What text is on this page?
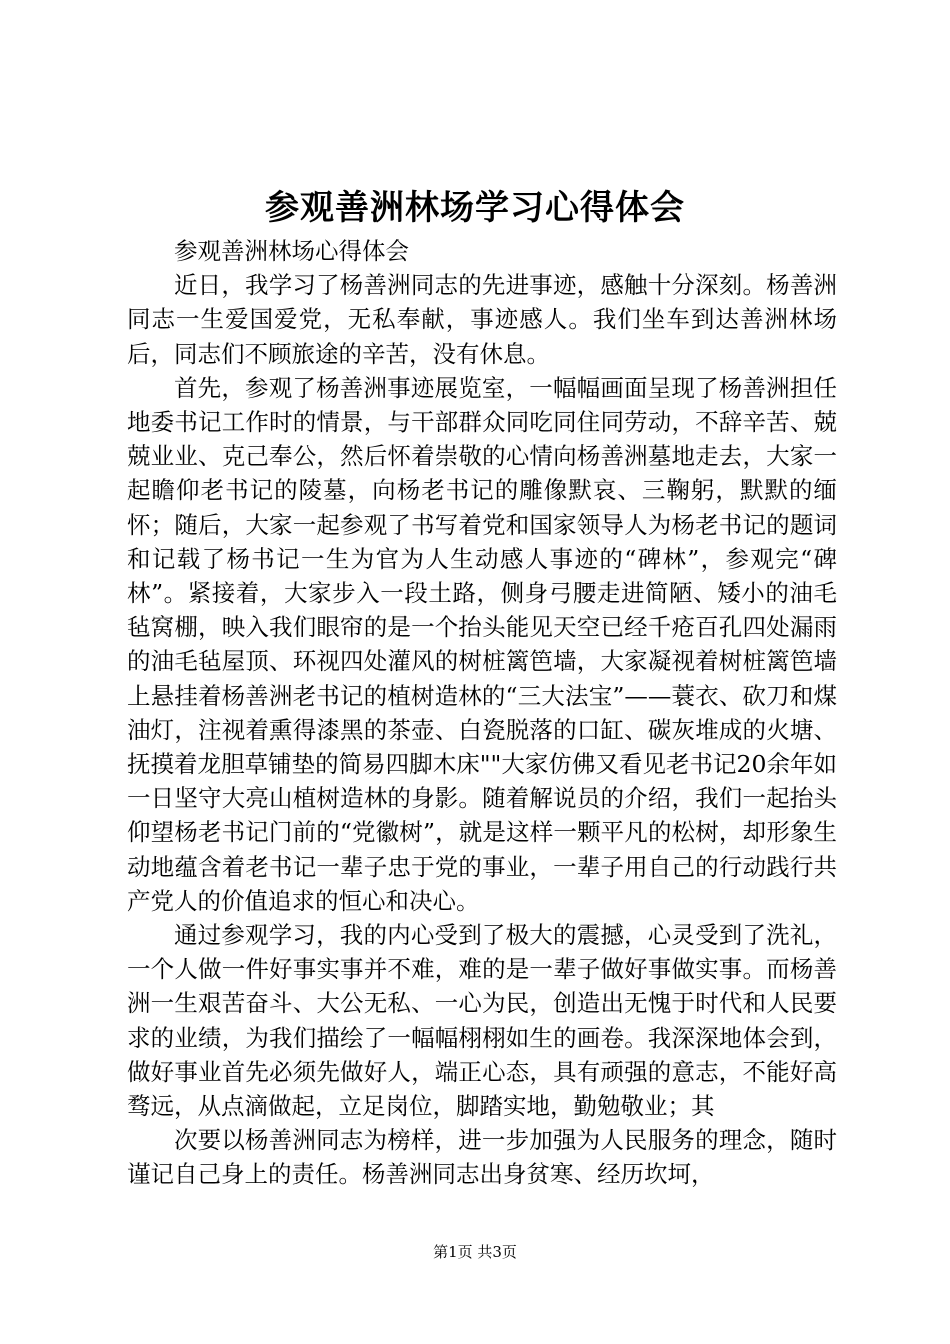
参观善洲林场学习心得体会

参观善洲林场心得体会

近日，我学习了杨善洲同志的先进事迹，感触十分深刻。杨善洲同志一生爱国爱党，无私奉献，事迹感人。我们坐车到达善洲林场后，同志们不顾旅途的辛苦，没有休息。

首先，参观了杨善洲事迹展览室，一幅幅画面呈现了杨善洲担任地委书记工作时的情景，与干部群众同吃同住同劳动，不辞辛苦、兢兢业业、克己奉公，然后怀着崇敬的心情向杨善洲墓地走去，大家一起瞻仰老书记的陵墓，向杨老书记的雕像默哀、三鞠躬，默默的缅怀；随后，大家一起参观了书写着党和国家领导人为杨老书记的题词和记载了杨书记一生为官为人生动感人事迹的“碑林”，参观完“碑林”。紧接着，大家步入一段土路，侧身弓腰走进简陋、矮小的油毛毡窝棚，映入我们眼帘的是一个抬头能见天空已经千疮百孔四处漏雨的油毛毡屋顶、环视四处灌风的树桩篱笆墙，大家凝视着树桩篱笆墙上悬挂着杨善洲老书记的植树造林的“三大法宝”——蓑衣、砍刀和煤油灯，注视着熏得漆黑的茶壶、白瓷脱落的口缸、碳灰堆成的火塘、抚摸着龙胆草铺垫的简易四脚木床""大家仿佛又看见老书记20余年如一日坚守大亮山植树造林的身影。随着解说员的介绍，我们一起抬头仰望杨老书记门前的“党徽树”，就是这样一颗平凡的松树，却形象生动地蕴含着老书记一辈子忠于党的事业，一辈子用自己的行动践行共产党人的价值追求的恒心和决心。

通过参观学习，我的内心受到了极大的震撼，心灵受到了洗礼，一个人做一件好事实事并不难，难的是一辈子做好事做实事。而杨善洲一生艰苦奋斗、大公无私、一心为民，创造出无愧于时代和人民要求的业绩，为我们描绘了一幅幅栩栩如生的画卷。我深深地体会到，做好事业首先必须先做好人，端正心态，具有顽强的意志，不能好高骛远，从点滴做起，立足岗位，脚踏实地，勤勉敬业；其

次要以杨善洲同志为榜样，进一步加强为人民服务的理念，随时谨记自己身上的责任。杨善洲同志出身贫寒、经历坎坷，

第1页 共3页
